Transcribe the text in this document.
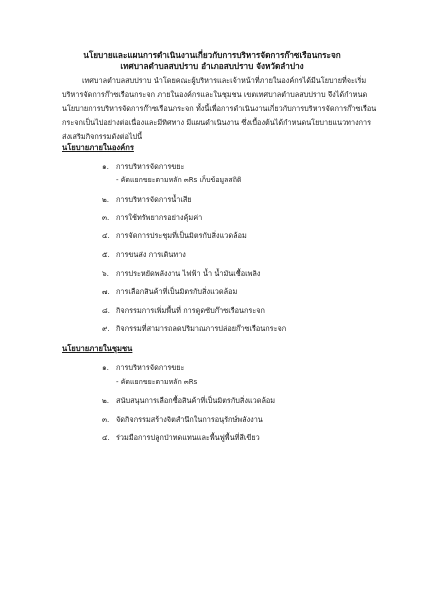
นโยบายและแผนการดำเนินงานเกี่ยวกับการบริหารจัดการก๊าซเรือนกระจก
เทศบาลตำบลสบปราบ อำเภอสบปราบ จังหวัดลำปาง
เทศบาลตำบลสบปราบ นำโดยคณะผู้บริหารและเจ้าหน้าที่ภายในองค์กรได้มีนโยบายที่จะเริ่ม
บริหารจัดการก๊าซเรือนกระจก ภายในองค์กรและในชุมชน เขตเทศบาลตำบลสบปราบ จึงได้กำหนด
นโยบายการบริหารจัดการก๊าซเรือนกระจก ทั้งนี้เพื่อการดำเนินงานเกี่ยวกับการบริหารจัดการก๊าซเรือน
กระจกเป็นไปอย่างต่อเนื่องและมีทิศทาง มีแผนดำเนินงาน ซึ่งเบื้องต้นได้กำหนดนโยบายแนวทางการ
ส่งเสริมกิจกรรมดังต่อไปนี้
นโยบายภายในองค์กร
๑. การบริหารจัดการขยะ
- คัดแยกขยะตามหลัก ๓Rs เก็บข้อมูลสถิติ
๒. การบริหารจัดการน้ำเสีย
๓. การใช้ทรัพยากรอย่างคุ้มค่า
๔. การจัดการประชุมที่เป็นมิตรกับสิ่งแวดล้อม
๕. การขนส่ง การเดินทาง
๖. การประหยัดพลังงาน ไฟฟ้า น้ำ น้ำมันเชื้อเพลิง
๗. การเลือกสินค้าที่เป็นมิตรกับสิ่งแวดล้อม
๘. กิจกรรมการเพิ่มพื้นที่ การดูดซับก๊าซเรือนกระจก
๙. กิจกรรมที่สามารถลดปริมาณการปล่อยก๊าซเรือนกระจก
นโยบายภายในชุมชน
๑. การบริหารจัดการขยะ
- คัดแยกขยะตามหลัก ๓Rs
๒. สนับสนุนการเลือกซื้อสินค้าที่เป็นมิตรกับสิ่งแวดล้อม
๓. จัดกิจกรรมสร้างจิตสำนึกในการอนุรักษ์พลังงาน
๔. ร่วมมือการปลูกป่าทดแทนและพื้นฟูพื้นที่สีเขียว
